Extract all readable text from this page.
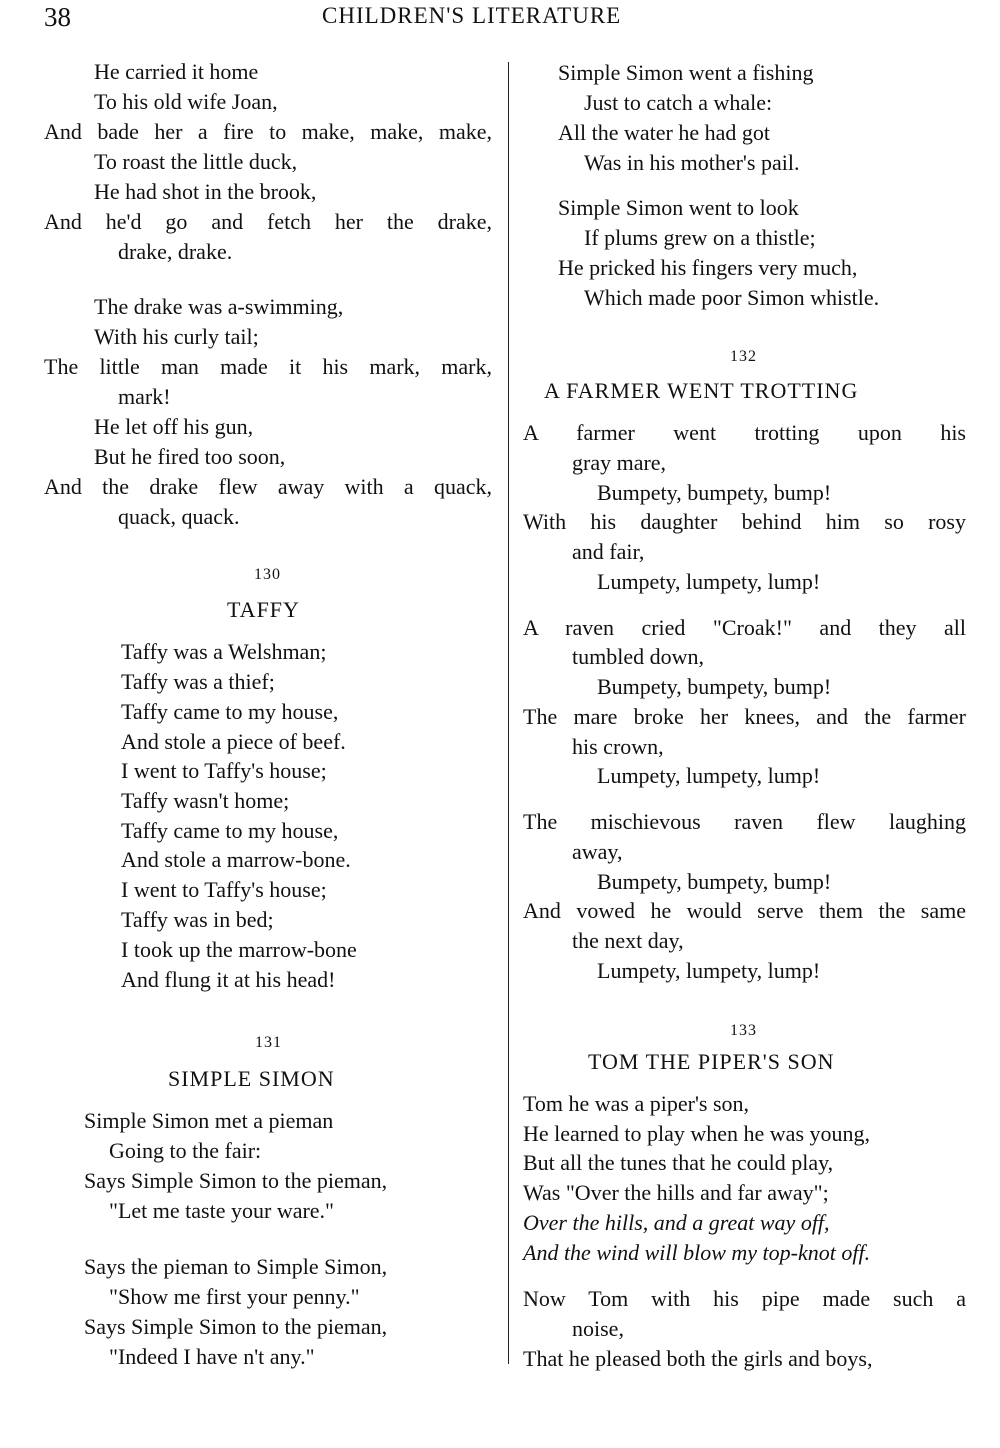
38	CHILDREN'S LITERATURE
He carried it home
To his old wife Joan,
And bade her a fire to make, make, make,
To roast the little duck,
He had shot in the brook,
And he'd go and fetch her the drake,
drake, drake.
The drake was a-swimming,
With his curly tail;
The little man made it his mark, mark,
mark!
He let off his gun,
But he fired too soon,
And the drake flew away with a quack,
quack, quack.
130
TAFFY
Taffy was a Welshman;
Taffy was a thief;
Taffy came to my house,
And stole a piece of beef.
I went to Taffy's house;
Taffy wasn't home;
Taffy came to my house,
And stole a marrow-bone.
I went to Taffy's house;
Taffy was in bed;
I took up the marrow-bone
And flung it at his head!
131
SIMPLE SIMON
Simple Simon met a pieman
Going to the fair:
Says Simple Simon to the pieman,
"Let me taste your ware."
Says the pieman to Simple Simon,
"Show me first your penny."
Says Simple Simon to the pieman,
"Indeed I have n't any."
Simple Simon went a fishing
Just to catch a whale:
All the water he had got
Was in his mother's pail.
Simple Simon went to look
If plums grew on a thistle;
He pricked his fingers very much,
Which made poor Simon whistle.
132
A FARMER WENT TROTTING
A farmer went trotting upon his
gray mare,
Bumpety, bumpety, bump!
With his daughter behind him so rosy
and fair,
Lumpety, lumpety, lump!
A raven cried "Croak!" and they all
tumbled down,
Bumpety, bumpety, bump!
The mare broke her knees, and the farmer
his crown,
Lumpety, lumpety, lump!
The mischievous raven flew laughing
away,
Bumpety, bumpety, bump!
And vowed he would serve them the same
the next day,
Lumpety, lumpety, lump!
133
TOM THE PIPER'S SON
Tom he was a piper's son,
He learned to play when he was young,
But all the tunes that he could play,
Was "Over the hills and far away";
Over the hills, and a great way off,
And the wind will blow my top-knot off.
Now Tom with his pipe made such a
noise,
That he pleased both the girls and boys,
